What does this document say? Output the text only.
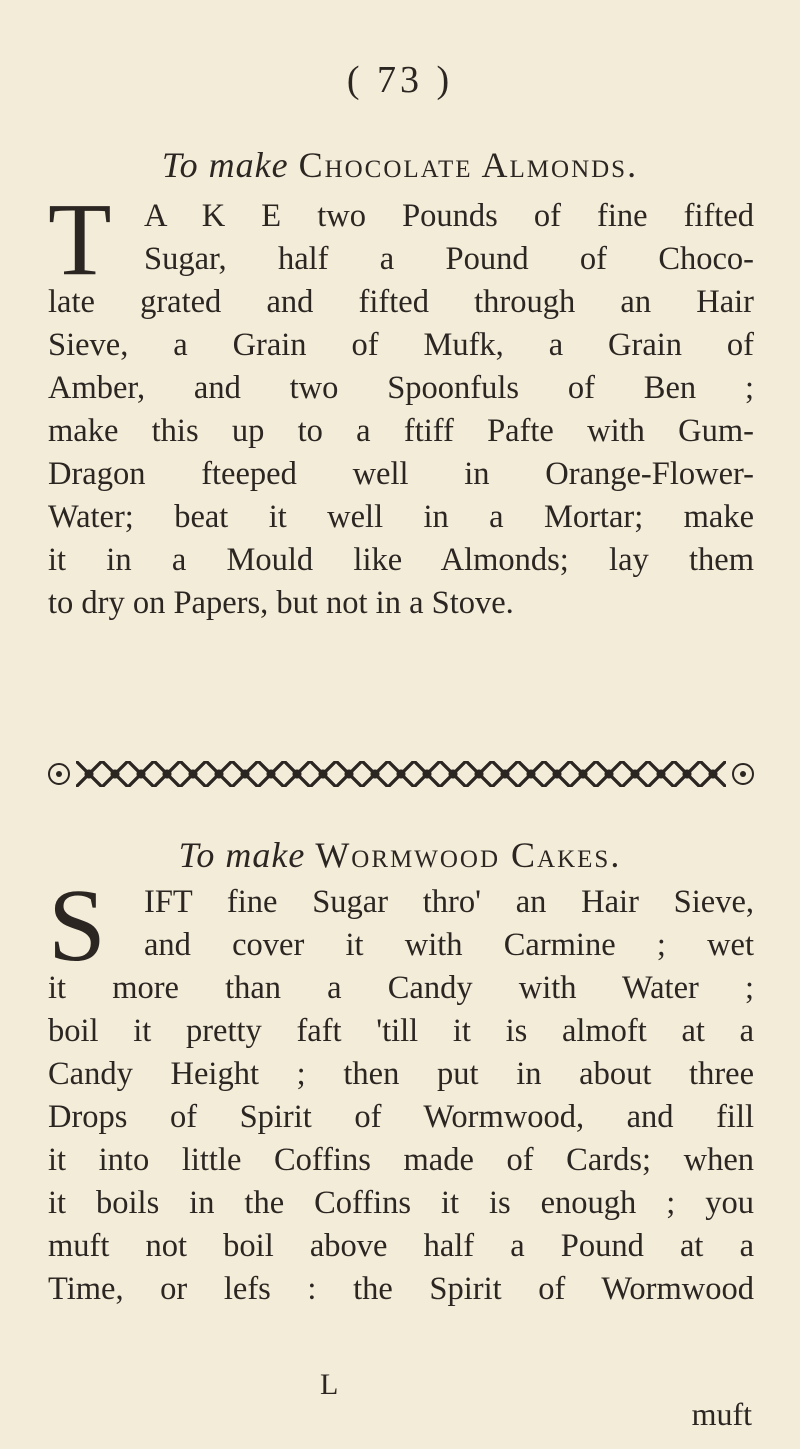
( 73 )
To make Chocolate Almonds.
T A K E two Pounds of fine fifted
Sugar, half a Pound of Choco-
late grated and fifted through an Hair
Sieve, a Grain of Mufk, a Grain of
Amber, and two Spoonfuls of Ben ;
make this up to a ftiff Pafte with Gum-
Dragon fteeped well in Orange-Flower-
Water; beat it well in a Mortar; make
it in a Mould like Almonds; lay them
to dry on Papers, but not in a Stove.
To make Wormwood Cakes.
S	IFT fine Sugar thro' an Hair Sieve,
and cover it with Carmine ; wet
it more than a Candy with Water ;
boil it pretty faft 'till it is almoft at a
Candy Height ; then put in about three
Drops of Spirit of Wormwood, and fill
it into little Coffins made of Cards; when
it boils in the Coffins it is enough ; you
muft not boil above half a Pound at a
Time, or lefs : the Spirit of Wormwood
L
muft
